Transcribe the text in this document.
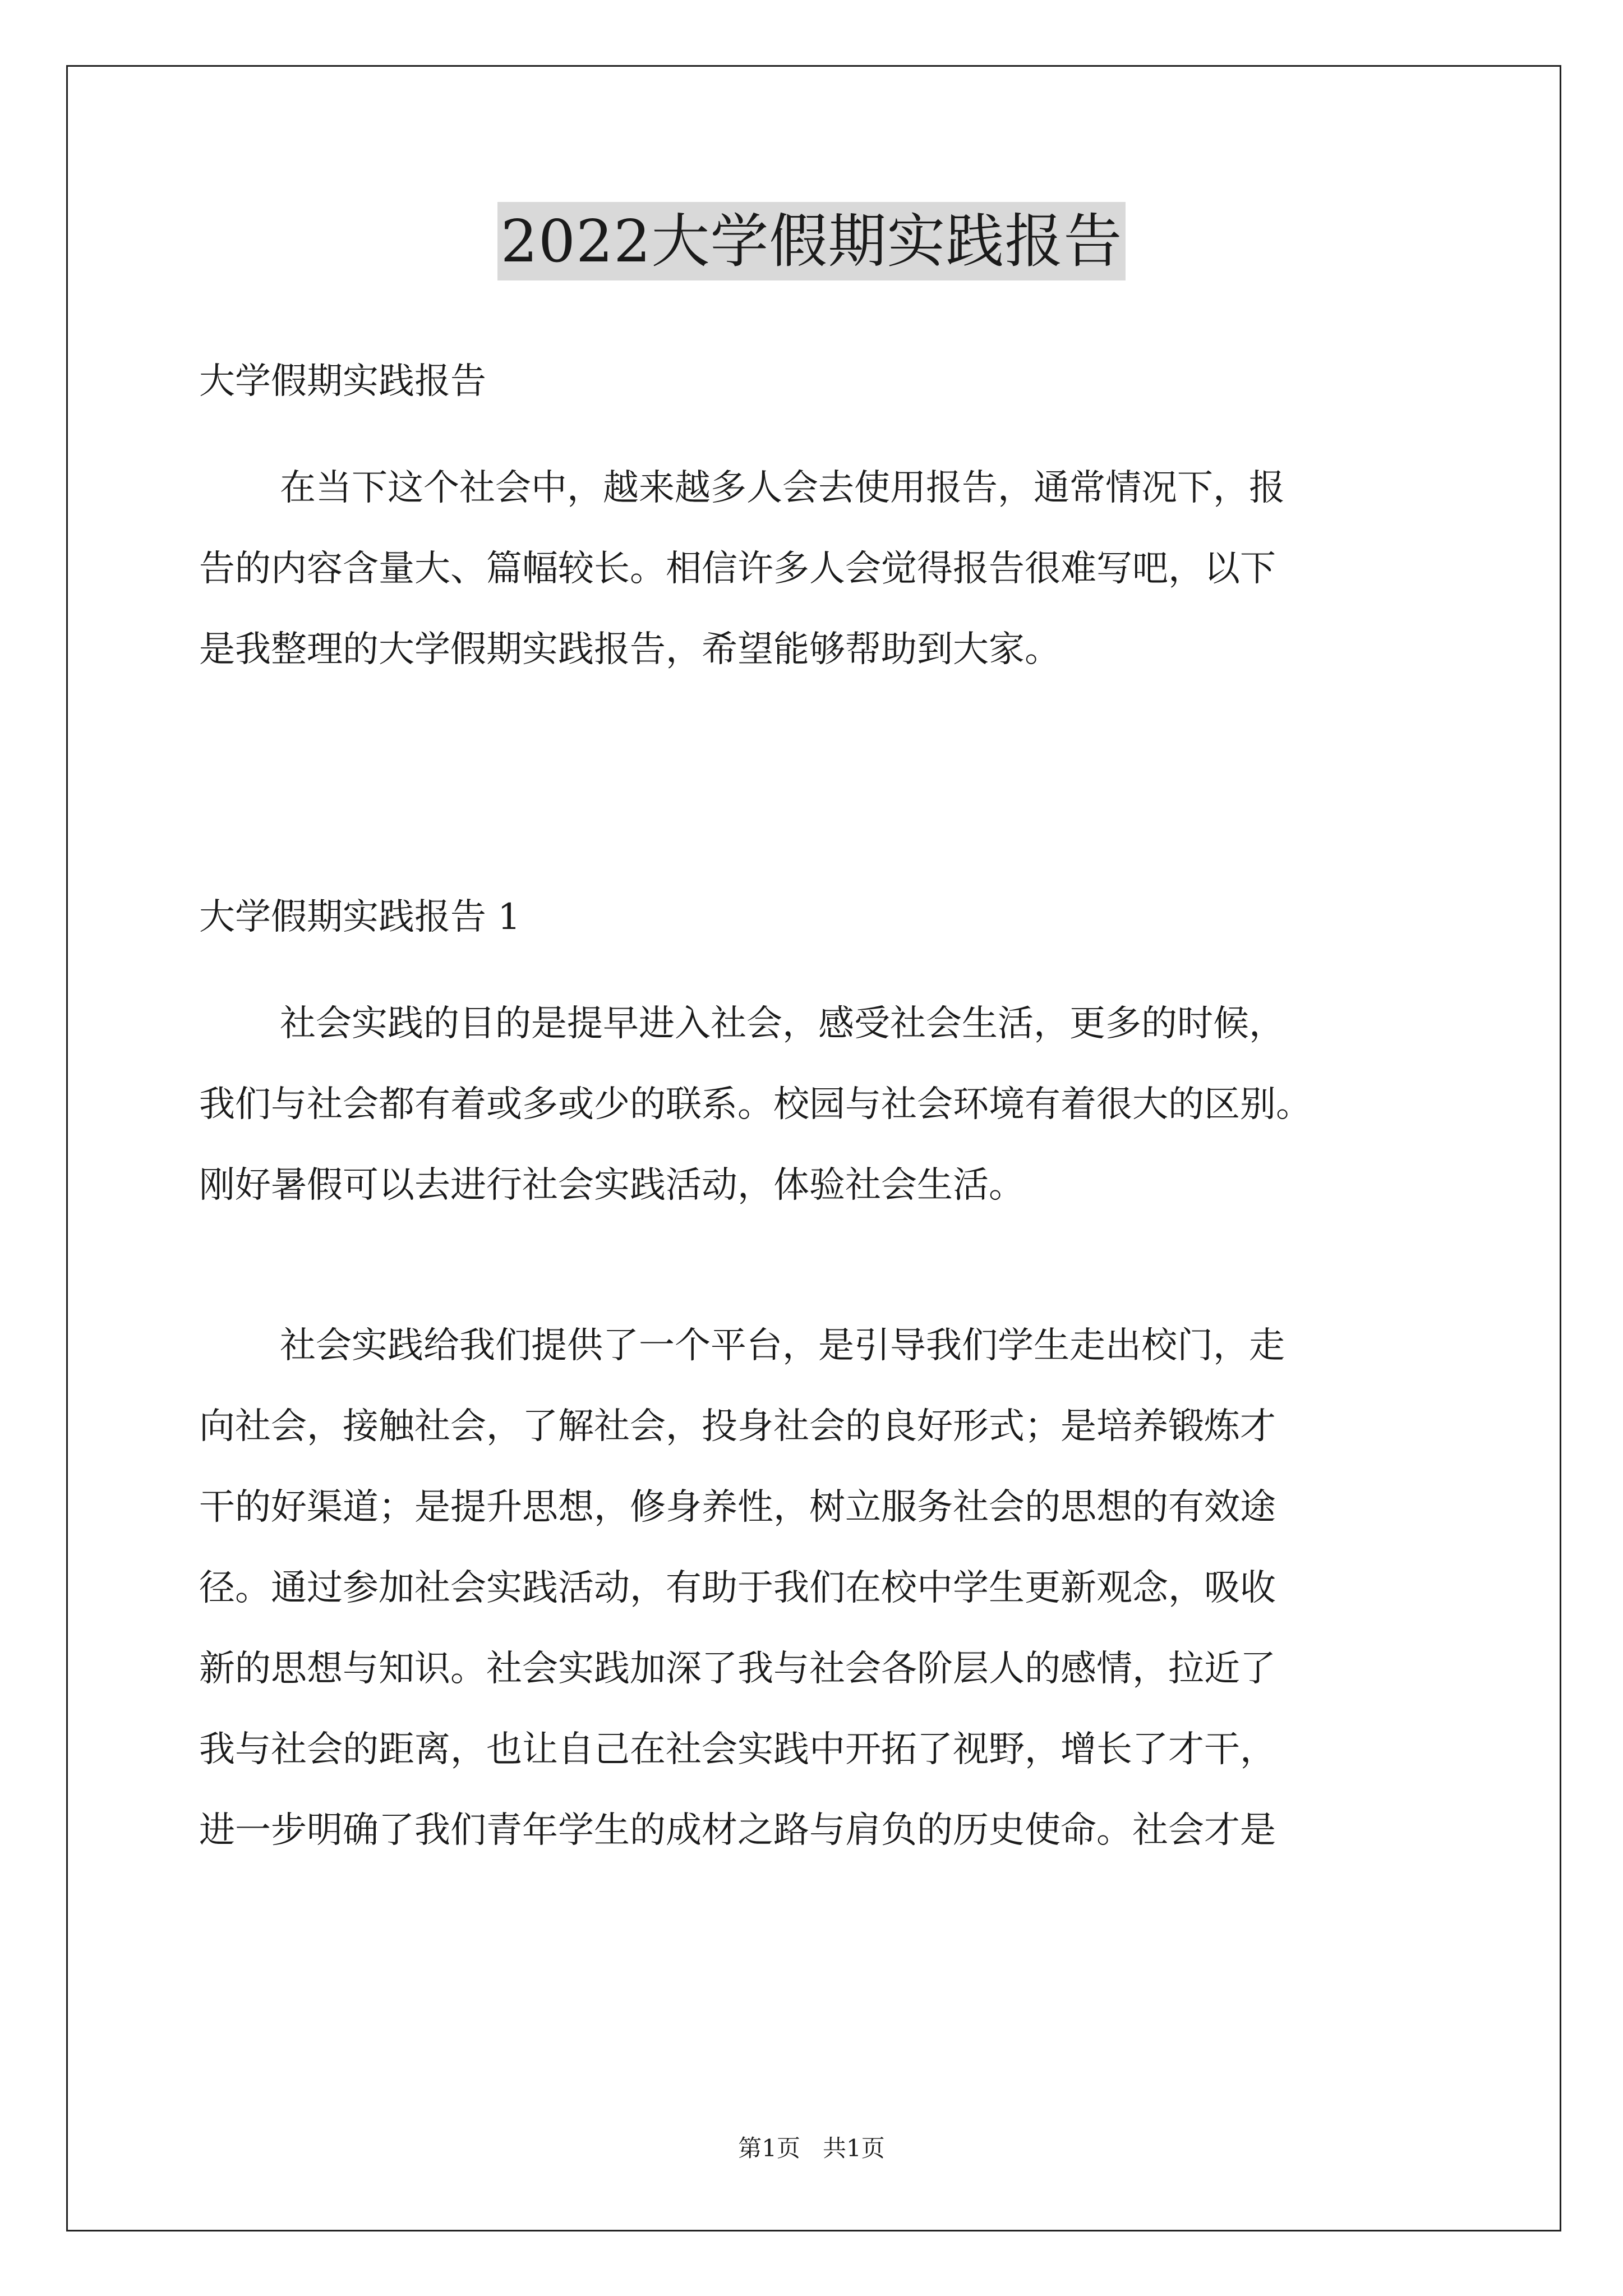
2022大学假期实践报告
大学假期实践报告
在当下这个社会中，越来越多人会去使用报告，通常情况下，报
告的内容含量大、篇幅较长。相信许多人会觉得报告很难写吧，以下
是我整理的大学假期实践报告，希望能够帮助到大家。
大学假期实践报告 1
社会实践的目的是提早进入社会，感受社会生活，更多的时候，
我们与社会都有着或多或少的联系。校园与社会环境有着很大的区别。
刚好暑假可以去进行社会实践活动，体验社会生活。
社会实践给我们提供了一个平台，是引导我们学生走出校门，走
向社会，接触社会，了解社会，投身社会的良好形式；是培养锻炼才
干的好渠道；是提升思想，修身养性，树立服务社会的思想的有效途
径。通过参加社会实践活动，有助于我们在校中学生更新观念，吸收
新的思想与知识。社会实践加深了我与社会各阶层人的感情，拉近了
我与社会的距离，也让自己在社会实践中开拓了视野，增长了才干，
进一步明确了我们青年学生的成材之路与肩负的历史使命。社会才是
第1页 共1页
